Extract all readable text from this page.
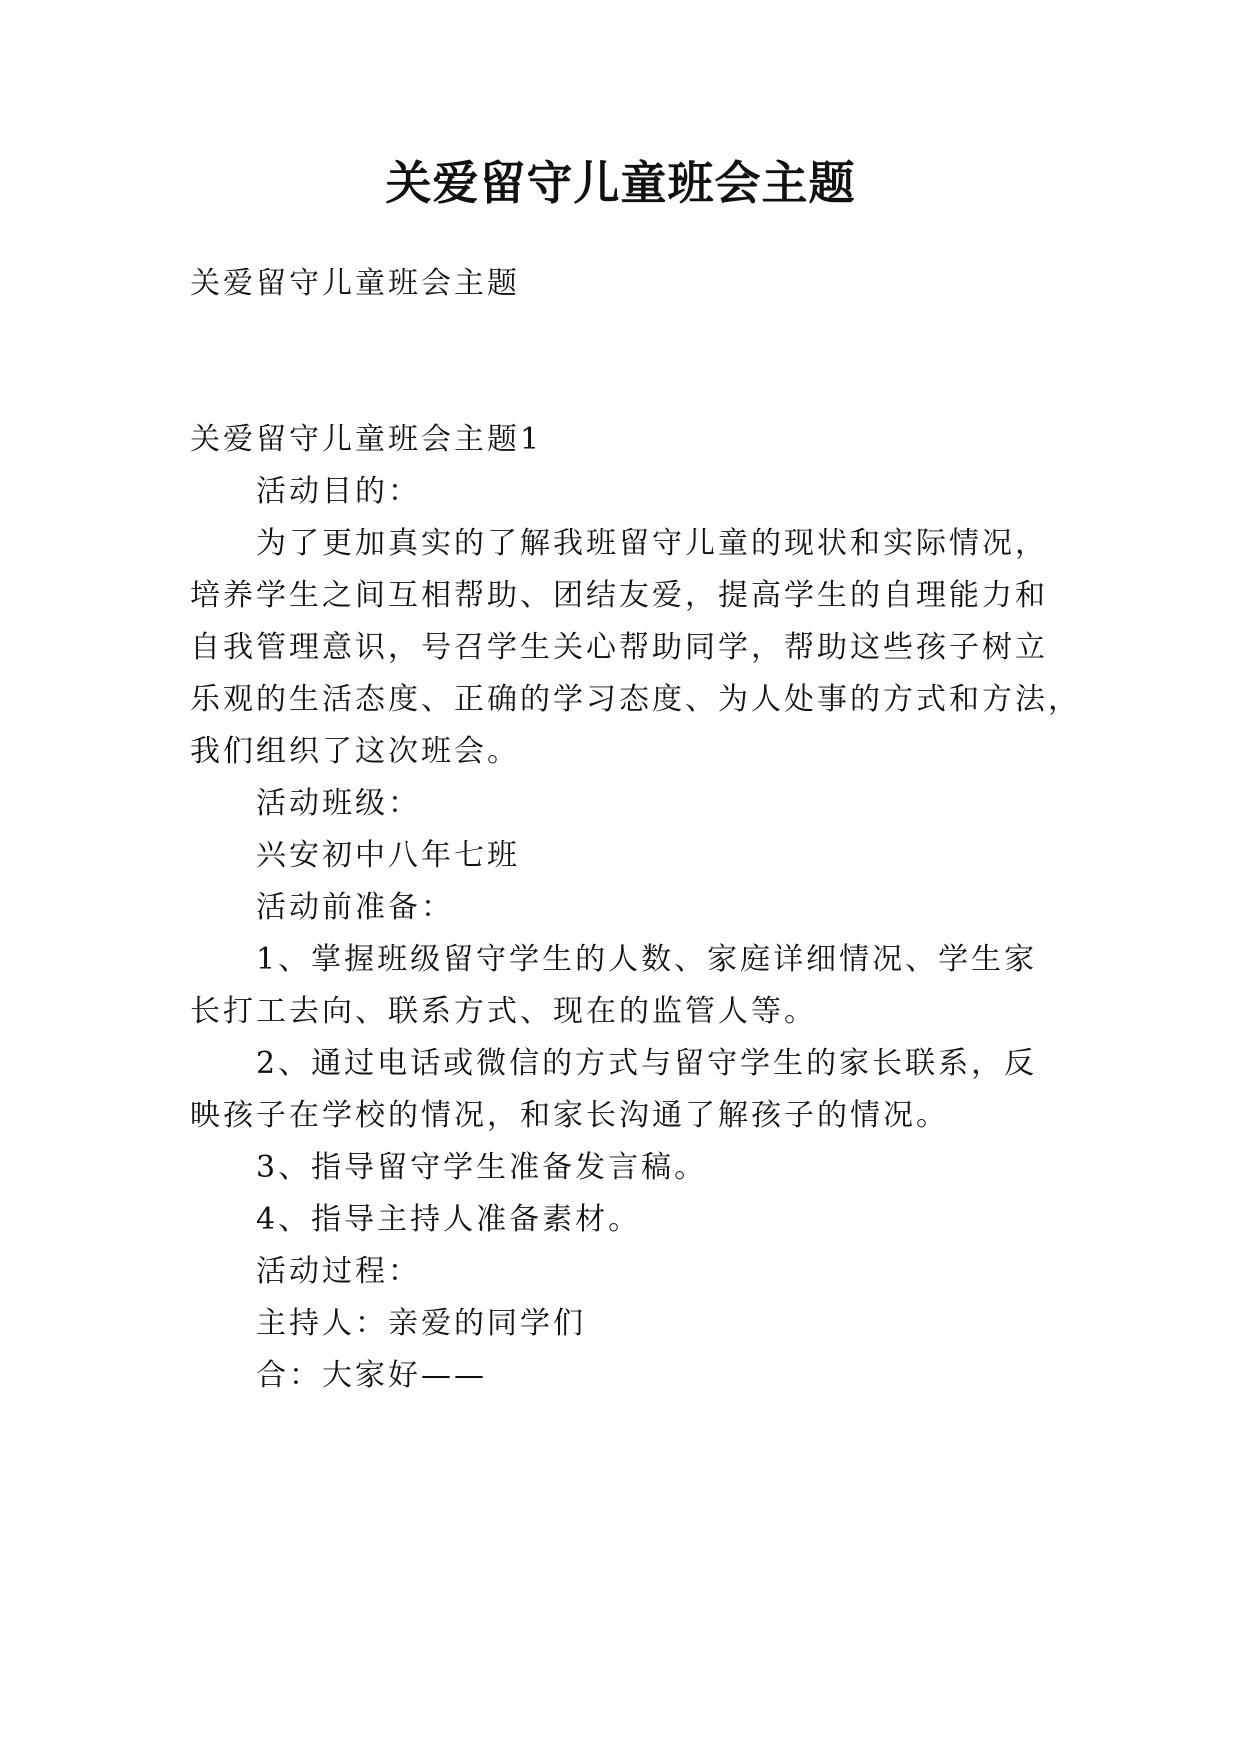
关爱留守儿童班会主题

关爱留守儿童班会主题

关爱留守儿童班会主题1

活动目的：

为了更加真实的了解我班留守儿童的现状和实际情况，

培养学生之间互相帮助、团结友爱，提高学生的自理能力和

自我管理意识，号召学生关心帮助同学，帮助这些孩子树立

乐观的生活态度、正确的学习态度、为人处事的方式和方法，

我们组织了这次班会。

活动班级：

兴安初中八年七班

活动前准备：

1、掌握班级留守学生的人数、家庭详细情况、学生家

长打工去向、联系方式、现在的监管人等。

2、通过电话或微信的方式与留守学生的家长联系，反

映孩子在学校的情况，和家长沟通了解孩子的情况。

3、指导留守学生准备发言稿。

4、指导主持人准备素材。

活动过程：

主持人：亲爱的同学们

合：大家好——
